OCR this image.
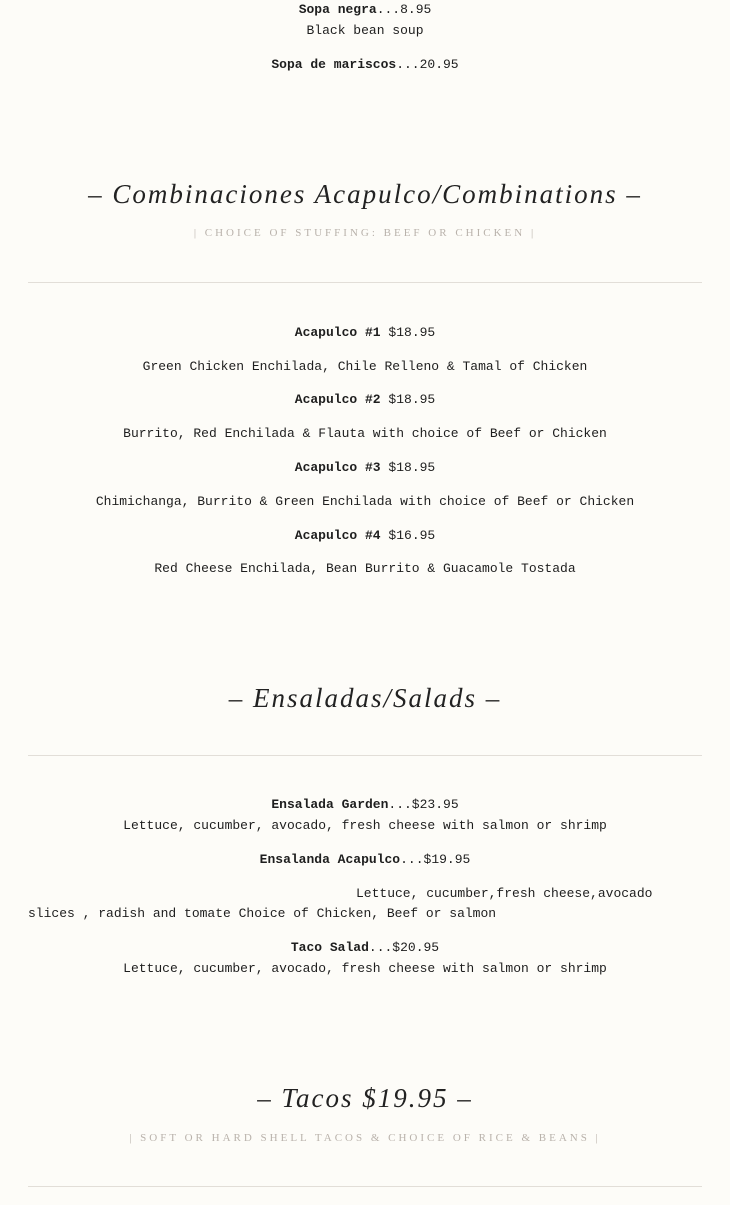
Sopa negra...8.95
Black bean soup
Sopa de mariscos...20.95
– Combinaciones Acapulco/Combinations –
| CHOICE OF STUFFING: BEEF OR CHICKEN |
Acapulco #1 $18.95
Green Chicken Enchilada, Chile Relleno & Tamal of Chicken
Acapulco #2 $18.95
Burrito, Red Enchilada & Flauta with choice of Beef or Chicken
Acapulco #3 $18.95
Chimichanga, Burrito & Green Enchilada with choice of Beef or Chicken
Acapulco #4 $16.95
Red Cheese Enchilada, Bean Burrito & Guacamole Tostada
– Ensaladas/Salads –
Ensalada Garden...$23.95
Lettuce, cucumber, avocado, fresh cheese with salmon or shrimp
Ensalanda Acapulco...$19.95
Lettuce, cucumber,fresh cheese,avocado
slices , radish and tomate Choice of Chicken, Beef or salmon
Taco Salad...$20.95
Lettuce, cucumber, avocado, fresh cheese with salmon or shrimp
– Tacos $19.95 –
| SOFT OR HARD SHELL TACOS & CHOICE OF RICE & BEANS |
